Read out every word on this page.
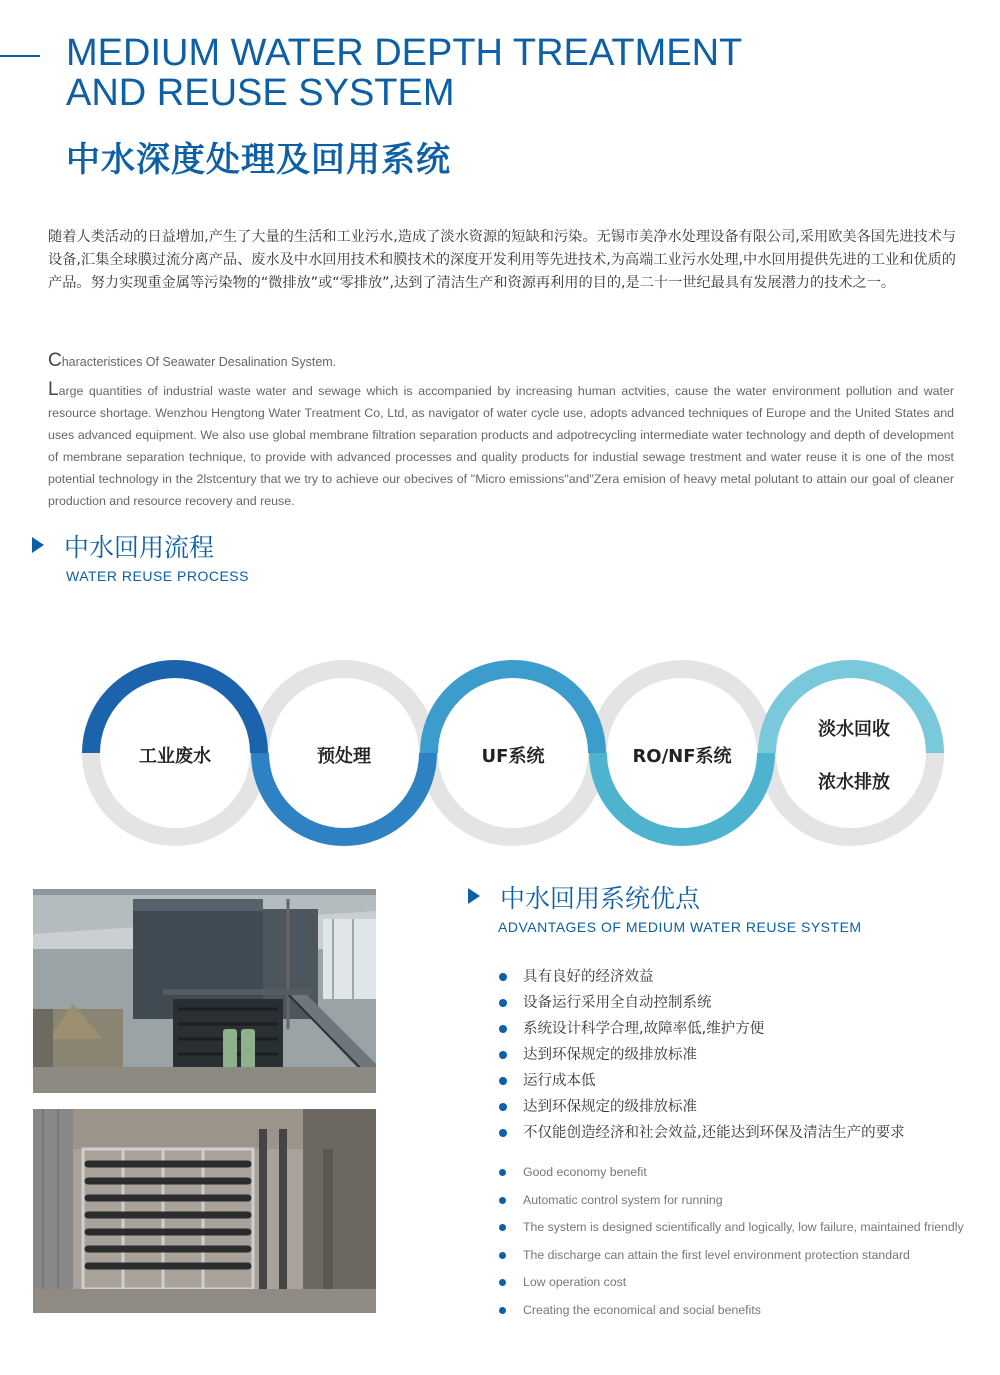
MEDIUM WATER DEPTH TREATMENT
AND REUSE SYSTEM
中水深度处理及回用系统

随着人类活动的日益增加,产生了大量的生活和工业污水,造成了淡水资源的短缺和污染。无锡市美净水处理设备有限公司,采用欧美各国先进技术与设备,汇集全球膜过流分离产品、废水及中水回用技术和膜技术的深度开发利用等先进技术,为高端工业污水处理,中水回用提供先进的工业和优质的产品。努力实现重金属等污染物的“微排放”或“零排放”,达到了清洁生产和资源再利用的目的,是二十一世纪最具有发展潜力的技术之一。

Characteristices Of Seawater Desalination System.

Large quantities of industrial waste water and sewage which is accompanied by increasing human actvities, cause the water environment pollution and water resource shortage. Wenzhou Hengtong Water Treatment Co, Ltd, as navigator of water cycle use, adopts advanced techniques of Europe and the United States and uses advanced equipment. We also use global membrane filtration separation products and adpotrecycling intermediate water technology and depth of development of membrane separation technique, to provide with advanced processes and quality products for industial sewage trestment and water reuse it is one of the most potential technology in the 2lstcentury that we try to achieve our obecives of "Micro emissions"and"Zera emision of heavy metal polutant to attain our goal of cleaner production and resource recovery and reuse.

中水回用流程
WATER REUSE PROCESS
工业废水	预处理	UF系统	RO/NF系统
淡水回收
浓水排放
中水回用系统优点
ADVANTAGES OF MEDIUM WATER REUSE SYSTEM
具有良好的经济效益
设备运行采用全自动控制系统
系统设计科学合理,故障率低,维护方便
达到环保规定的级排放标准
运行成本低
达到环保规定的级排放标准
不仅能创造经济和社会效益,还能达到环保及清洁生产的要求
Good economy benefit
Automatic control system for running
The system is designed scientifically and logically, low failure, maintained friendly
The discharge can attain the first level environment protection standard
Low operation cost
Creating the economical and social benefits
